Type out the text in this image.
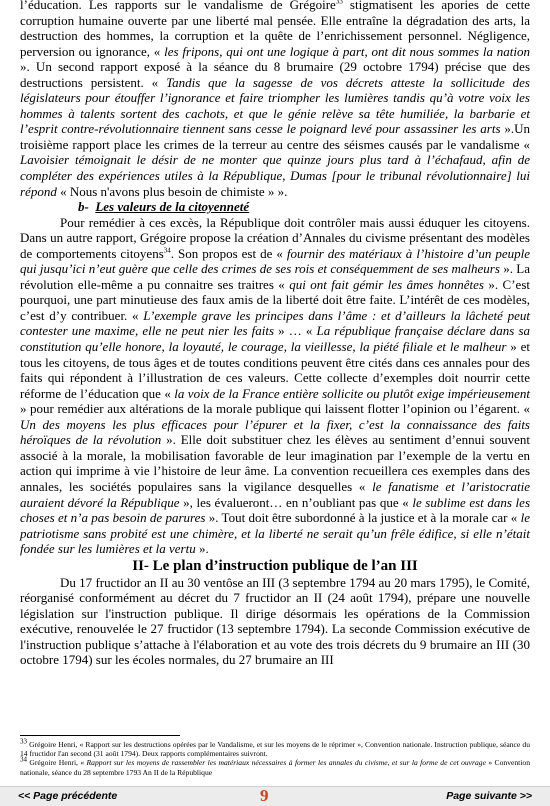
l’éducation. Les rapports sur le vandalisme de Grégoire$^{33}$ stigmatisent les apories de cette corruption humaine ouverte par une liberté mal pensée. Elle entraîne la dégradation des arts, la destruction des hommes, la corruption et la quête de l’enrichissement personnel. Négligence, perversion ou ignorance, « les fripons, qui ont une logique à part, ont dit nous sommes la nation ». Un second rapport exposé à la séance du 8 brumaire (29 octobre 1794) précise que des destructions persistent. « Tandis que la sagesse de vos décrets atteste la sollicitude des législateurs pour étouffer l’ignorance et faire triompher les lumières tandis qu’à votre voix les hommes à talents sortent des cachots, et que le génie relève sa tête humiliée, la barbarie et l’esprit contre-révolutionnaire tiennent sans cesse le poignard levé pour assassiner les arts ».Un troisième rapport place les crimes de la terreur au centre des séismes causés par le vandalisme « Lavoisier témoignait le désir de ne monter que quinze jours plus tard à l’échafaud, afin de compléter des expériences utiles à la République, Dumas [pour le tribunal révolutionnaire] lui répond « Nous n'avons plus besoin de chimiste » ».

b- Les valeurs de la citoyenneté

Pour remédier à ces excès, la République doit contrôler mais aussi éduquer les citoyens. Dans un autre rapport, Grégoire propose la création d’Annales du civisme présentant des modèles de comportements citoyens$^{34}$. Son propos est de « fournir des matériaux à l’histoire d’un peuple qui jusqu’ici n’eut guère que celle des crimes de ses rois et conséquemment de ses malheurs ». La révolution elle-même a pu connaitre ses traitres « qui ont fait gémir les âmes honnêtes ». C’est pourquoi, une part minutieuse des faux amis de la liberté doit être faite. L’intérêt de ces modèles, c’est d’y contribuer. « L’exemple grave les principes dans l’âme : et d’ailleurs la lâcheté peut contester une maxime, elle ne peut nier les faits » … « La république française déclare dans sa constitution qu’elle honore, la loyauté, le courage, la vieillesse, la piété filiale et le malheur » et tous les citoyens, de tous âges et de toutes conditions peuvent être cités dans ces annales pour des faits qui répondent à l’illustration de ces valeurs. Cette collecte d’exemples doit nourrir cette réforme de l’éducation que « la voix de la France entière sollicite ou plutôt exige impérieusement » pour remédier aux altérations de la morale publique qui laissent flotter l’opinion ou l’égarent. « Un des moyens les plus efficaces pour l’épurer et la fixer, c’est la connaissance des faits héroïques de la révolution ». Elle doit substituer chez les élèves au sentiment d’ennui souvent associé à la morale, la mobilisation favorable de leur imagination par l’exemple de la vertu en action qui imprime à vie l’histoire de leur âme. La convention recueillera ces exemples dans des annales, les sociétés populaires sans la vigilance desquelles « le fanatisme et l’aristocratie auraient dévoré la République », les évalueront… en n’oubliant pas que « le sublime est dans les choses et n’a pas besoin de parures ». Tout doit être subordonné à la justice et à la morale car « le patriotisme sans probité est une chimère, et la liberté ne serait qu’un frêle édifice, si elle n’était fondée sur les lumières et la vertu ».

II- Le plan d’instruction publique de l’an III

Du 17 fructidor an II au 30 ventôse an III (3 septembre 1794 au 20 mars 1795), le Comité, réorganisé conformément au décret du 7 fructidor an II (24 août 1794), prépare une nouvelle législation sur l'instruction publique. Il dirige désormais les opérations de la Commission exécutive, renouvelée le 27 fructidor (13 septembre 1794). La seconde Commission exécutive de l'instruction publique s’attache à l'élaboration et au vote des trois décrets du 9 brumaire an III (30 octobre 1794) sur les écoles normales, du 27 brumaire an III

$^{33}$ Grégoire Henri, « Rapport sur les destructions opérées par le Vandalisme, et sur les moyens de le réprimer », Convention nationale. Instruction publique, séance du 14 fructidor l'an second (31 août 1794). Deux rapports complémentaires suivront.

$^{34}$ Grégoire Henri, « Rapport sur les moyens de rassembler les matériaux nécessaires à former les annales du civisme, et sur la forme de cet ouvrage » Convention nationale, séance du 28 septembre 1793 An II de la République

<< Page précédente	9	Page suivante >>
